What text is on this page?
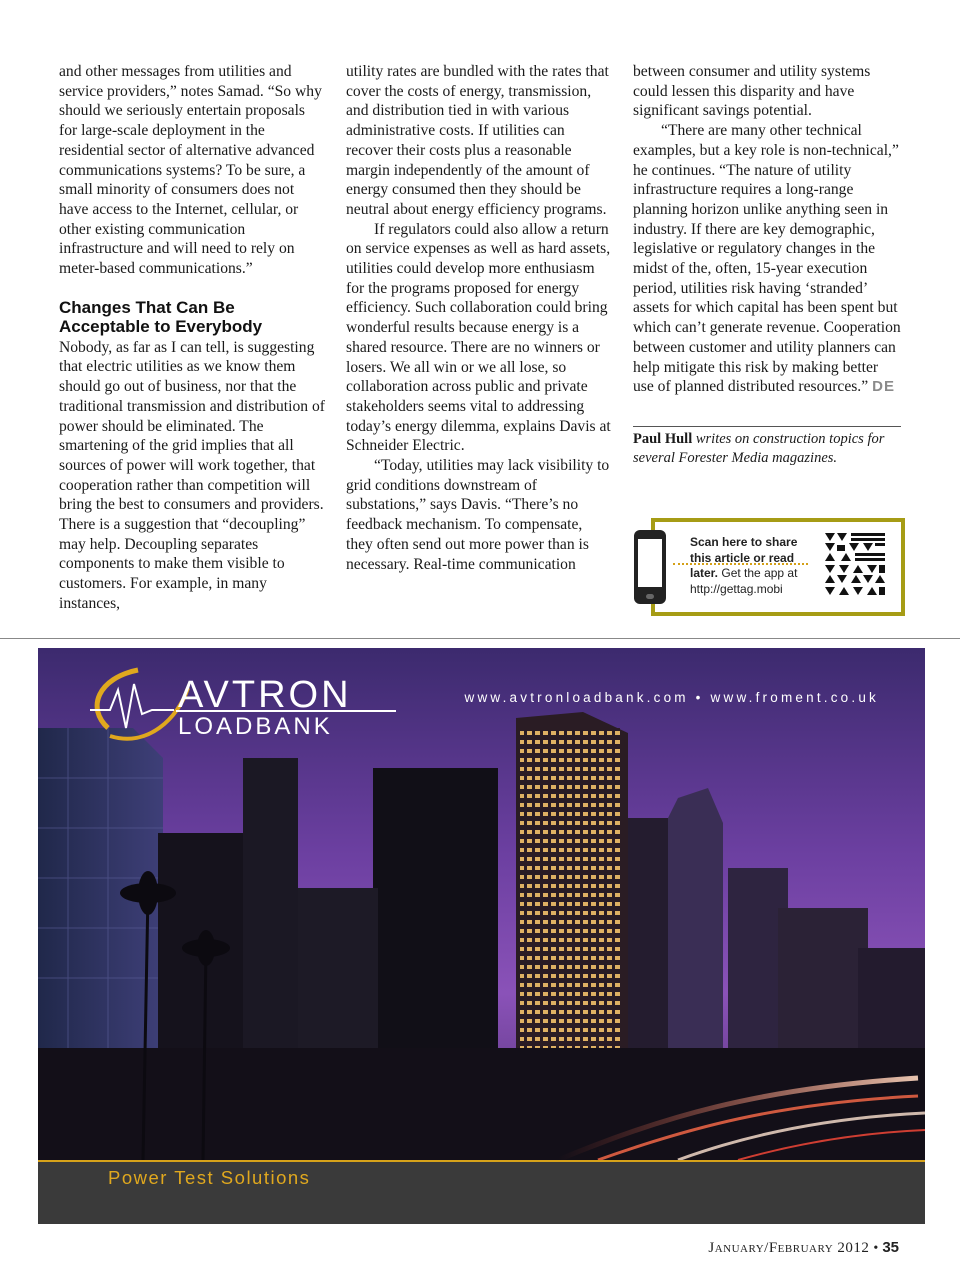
and other messages from utilities and service providers,” notes Samad. “So why should we seriously entertain proposals for large-scale deployment in the residential sector of alternative advanced communications systems? To be sure, a small minority of consumers does not have access to the Internet, cellular, or other existing communication infrastructure and will need to rely on meter-based communications.”

Changes That Can Be Acceptable to Everybody

Nobody, as far as I can tell, is suggesting that electric utilities as we know them should go out of business, nor that the traditional transmission and distribution of power should be eliminated. The smartening of the grid implies that all sources of power will work together, that cooperation rather than competition will bring the best to consumers and providers. There is a suggestion that “decoupling” may help. Decoupling separates components to make them visible to customers. For example, in many instances,

utility rates are bundled with the rates that cover the costs of energy, transmission, and distribution tied in with various administrative costs. If utilities can recover their costs plus a reasonable margin independently of the amount of energy consumed then they should be neutral about energy efficiency programs.

If regulators could also allow a return on service expenses as well as hard assets, utilities could develop more enthusiasm for the programs proposed for energy efficiency. Such collaboration could bring wonderful results because energy is a shared resource. There are no winners or losers. We all win or we all lose, so collaboration across public and private stakeholders seems vital to addressing today’s energy dilemma, explains Davis at Schneider Electric.

“Today, utilities may lack visibility to grid conditions downstream of substations,” says Davis. “There’s no feedback mechanism. To compensate, they often send out more power than is necessary. Real-time communication

between consumer and utility systems could lessen this disparity and have significant savings potential.

“There are many other technical examples, but a key role is non-technical,” he continues. “The nature of utility infrastructure requires a long-range planning horizon unlike anything seen in industry. If there are key demographic, legislative or regulatory changes in the midst of the, often, 15-year execution period, utilities risk having ‘stranded’ assets for which capital has been spent but which can’t generate revenue. Cooperation between customer and utility planners can help mitigate this risk by making better use of planned distributed resources.” DE

Paul Hull writes on construction topics for several Forester Media magazines.

Scan here to share this article or read later. Get the app at http://gettag.mobi
AVTRON
LOADBANK
www.avtronloadbank.com • www.froment.co.uk
Power Test Solutions
January/February 2012 • 35
